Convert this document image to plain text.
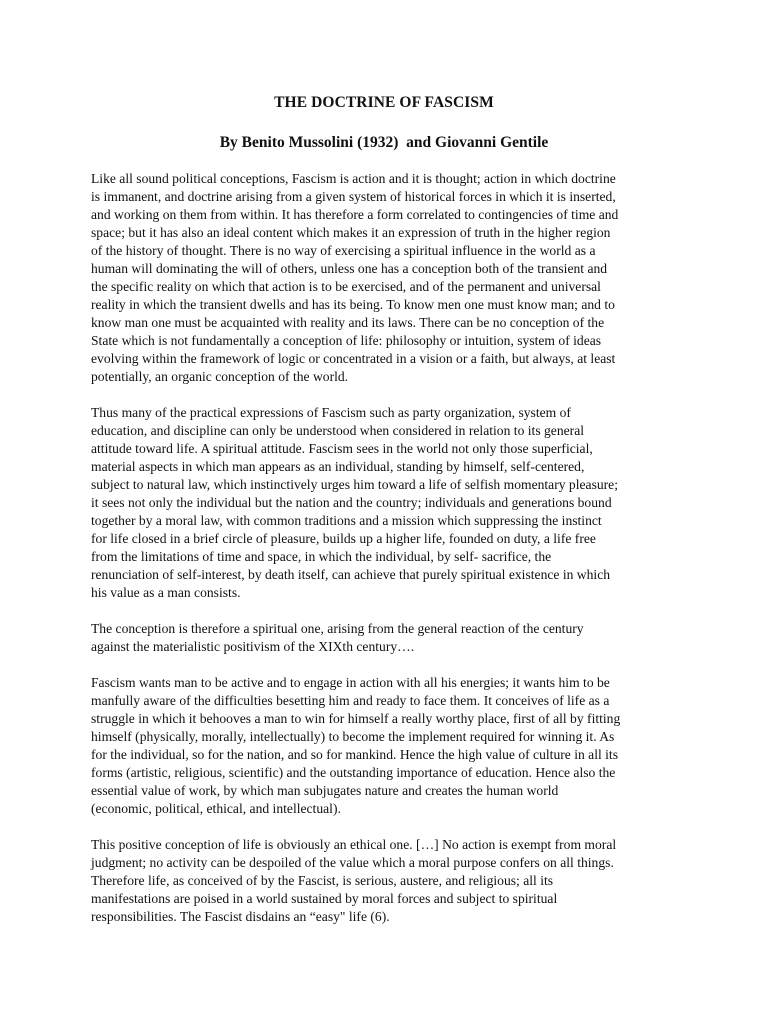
THE DOCTRINE OF FASCISM
By Benito Mussolini (1932)  and Giovanni Gentile

Like all sound political conceptions, Fascism is action and it is thought; action in which doctrine
is immanent, and doctrine arising from a given system of historical forces in which it is inserted,
and working on them from within. It has therefore a form correlated to contingencies of time and
space; but it has also an ideal content which makes it an expression of truth in the higher region
of the history of thought. There is no way of exercising a spiritual influence in the world as a
human will dominating the will of others, unless one has a conception both of the transient and
the specific reality on which that action is to be exercised, and of the permanent and universal
reality in which the transient dwells and has its being. To know men one must know man; and to
know man one must be acquainted with reality and its laws. There can be no conception of the
State which is not fundamentally a conception of life: philosophy or intuition, system of ideas
evolving within the framework of logic or concentrated in a vision or a faith, but always, at least
potentially, an organic conception of the world.

Thus many of the practical expressions of Fascism such as party organization, system of
education, and discipline can only be understood when considered in relation to its general
attitude toward life. A spiritual attitude. Fascism sees in the world not only those superficial,
material aspects in which man appears as an individual, standing by himself, self-centered,
subject to natural law, which instinctively urges him toward a life of selfish momentary pleasure;
it sees not only the individual but the nation and the country; individuals and generations bound
together by a moral law, with common traditions and a mission which suppressing the instinct
for life closed in a brief circle of pleasure, builds up a higher life, founded on duty, a life free
from the limitations of time and space, in which the individual, by self- sacrifice, the
renunciation of self-interest, by death itself, can achieve that purely spiritual existence in which
his value as a man consists.

The conception is therefore a spiritual one, arising from the general reaction of the century
against the materialistic positivism of the XIXth century….

Fascism wants man to be active and to engage in action with all his energies; it wants him to be
manfully aware of the difficulties besetting him and ready to face them. It conceives of life as a
struggle in which it behooves a man to win for himself a really worthy place, first of all by fitting
himself (physically, morally, intellectually) to become the implement required for winning it. As
for the individual, so for the nation, and so for mankind. Hence the high value of culture in all its
forms (artistic, religious, scientific) and the outstanding importance of education. Hence also the
essential value of work, by which man subjugates nature and creates the human world
(economic, political, ethical, and intellectual).

This positive conception of life is obviously an ethical one. […] No action is exempt from moral
judgment; no activity can be despoiled of the value which a moral purpose confers on all things.
Therefore life, as conceived of by the Fascist, is serious, austere, and religious; all its
manifestations are poised in a world sustained by moral forces and subject to spiritual
responsibilities. The Fascist disdains an “easy" life (6).
